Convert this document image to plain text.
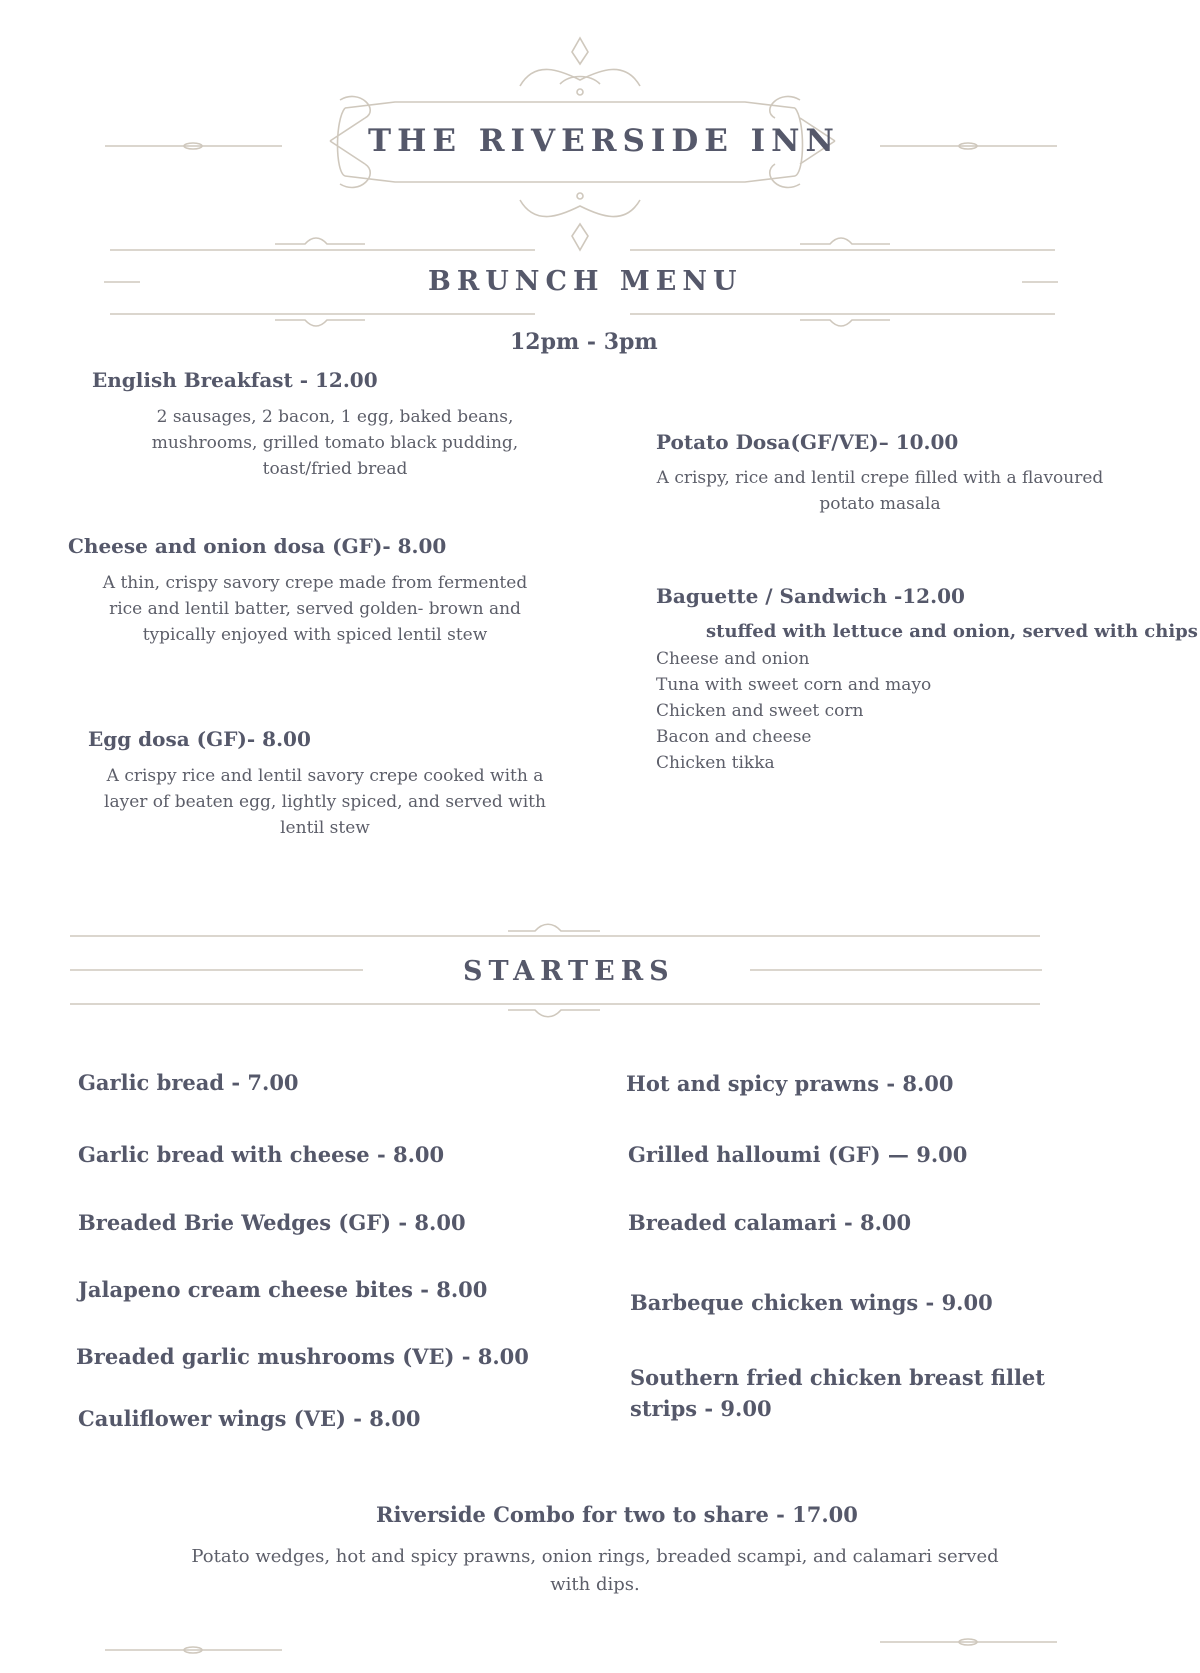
THE RIVERSIDE INN
BRUNCH MENU
12pm - 3pm
English Breakfast - 12.00
2 sausages, 2 bacon, 1 egg, baked beans,
mushrooms, grilled tomato black pudding,
toast/fried bread
Cheese and onion dosa (GF)- 8.00
A thin, crispy savory crepe made from fermented
rice and lentil batter, served golden- brown and
typically enjoyed with spiced lentil stew
Egg dosa (GF)- 8.00
A crispy rice and lentil savory crepe cooked with a
layer of beaten egg, lightly spiced, and served with
lentil stew
Potato Dosa(GF/VE)– 10.00
A crispy, rice and lentil crepe filled with a flavoured
potato masala
Baguette / Sandwich -12.00
stuffed with lettuce and onion, served with chips
Cheese and onion
Tuna with sweet corn and mayo
Chicken and sweet corn
Bacon and cheese
Chicken tikka
STARTERS
Garlic bread - 7.00
Garlic bread with cheese - 8.00
Breaded Brie Wedges (GF) - 8.00
Jalapeno cream cheese bites - 8.00
Breaded garlic mushrooms (VE) - 8.00
Cauliflower wings (VE) - 8.00
Hot and spicy prawns - 8.00
Grilled halloumi (GF) — 9.00
Breaded calamari - 8.00
Barbeque chicken wings - 9.00
Southern fried chicken breast fillet strips - 9.00
Riverside Combo for two to share - 17.00
Potato wedges, hot and spicy prawns, onion rings, breaded scampi, and calamari served with dips.
